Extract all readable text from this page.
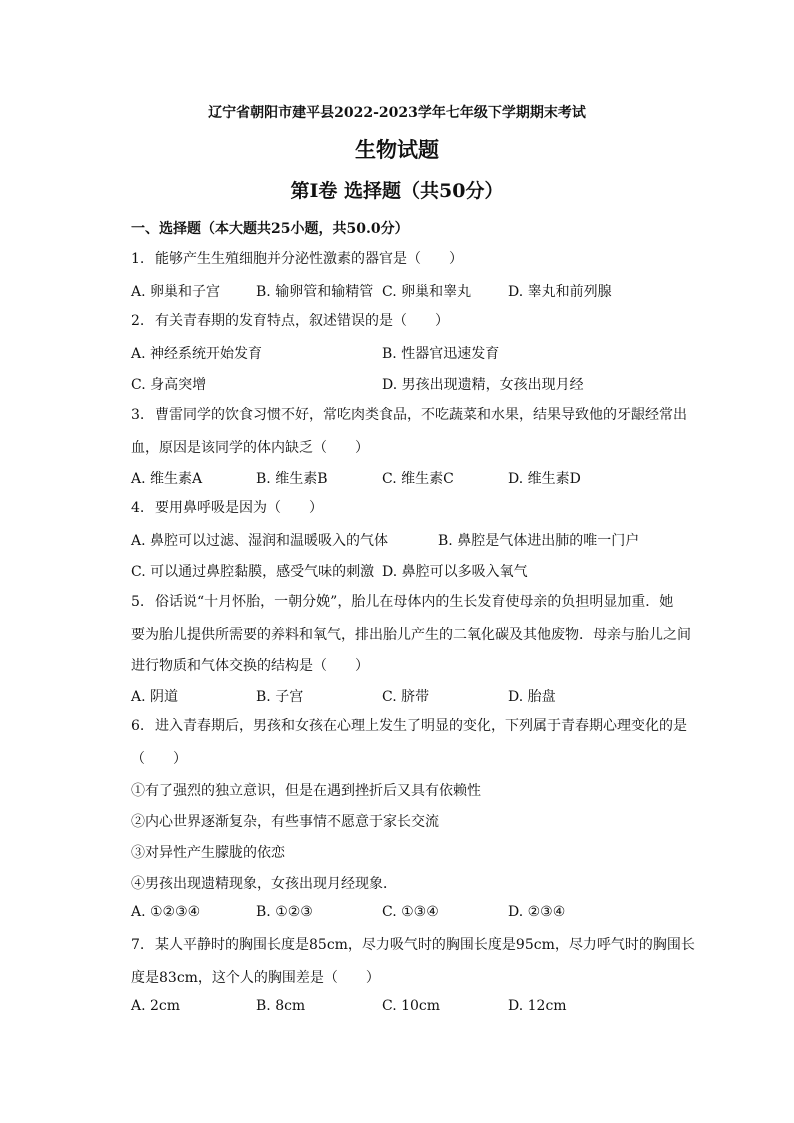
辽宁省朝阳市建平县2022-2023学年七年级下学期期末考试
生物试题
第I卷 选择题（共50分）
一、选择题（本大题共25小题，共50.0分）
1. 能够产生生殖细胞并分泌性激素的器官是（　　）
A. 卵巢和子宫	B. 输卵管和输精管 C. 卵巢和睾丸	D. 睾丸和前列腺
2. 有关青春期的发育特点，叙述错误的是（　　）
A. 神经系统开始发育	B. 性器官迅速发育
C. 身高突增	D. 男孩出现遗精，女孩出现月经
3. 曹雷同学的饮食习惯不好，常吃肉类食品，不吃蔬菜和水果，结果导致他的牙龈经常出
血，原因是该同学的体内缺乏（　　）
A. 维生素A	B. 维生素B	C. 维生素C	D. 维生素D
4. 要用鼻呼吸是因为（　　）
A. 鼻腔可以过滤、湿润和温暖吸入的气体	B. 鼻腔是气体进出肺的唯一门户
C. 可以通过鼻腔黏膜，感受气味的刺激 D. 鼻腔可以多吸入氧气
5. 俗话说“十月怀胎，一朝分娩”，胎儿在母体内的生长发育使母亲的负担明显加重．她
要为胎儿提供所需要的养料和氧气，排出胎儿产生的二氧化碳及其他废物．母亲与胎儿之间
进行物质和气体交换的结构是（　　）
A. 阴道	B. 子宫	C. 脐带	D. 胎盘
6. 进入青春期后，男孩和女孩在心理上发生了明显的变化，下列属于青春期心理变化的是
（　　）
①有了强烈的独立意识，但是在遇到挫折后又具有依赖性
②内心世界逐渐复杂，有些事情不愿意于家长交流
③对异性产生朦胧的依恋
④男孩出现遗精现象，女孩出现月经现象．
A. ①②③④	B. ①②③	C. ①③④	D. ②③④
7. 某人平静时的胸围长度是85cm，尽力吸气时的胸围长度是95cm，尽力呼气时的胸围长
度是83cm，这个人的胸围差是（　　）
A. 2cm	B. 8cm	C. 10cm	D. 12cm
